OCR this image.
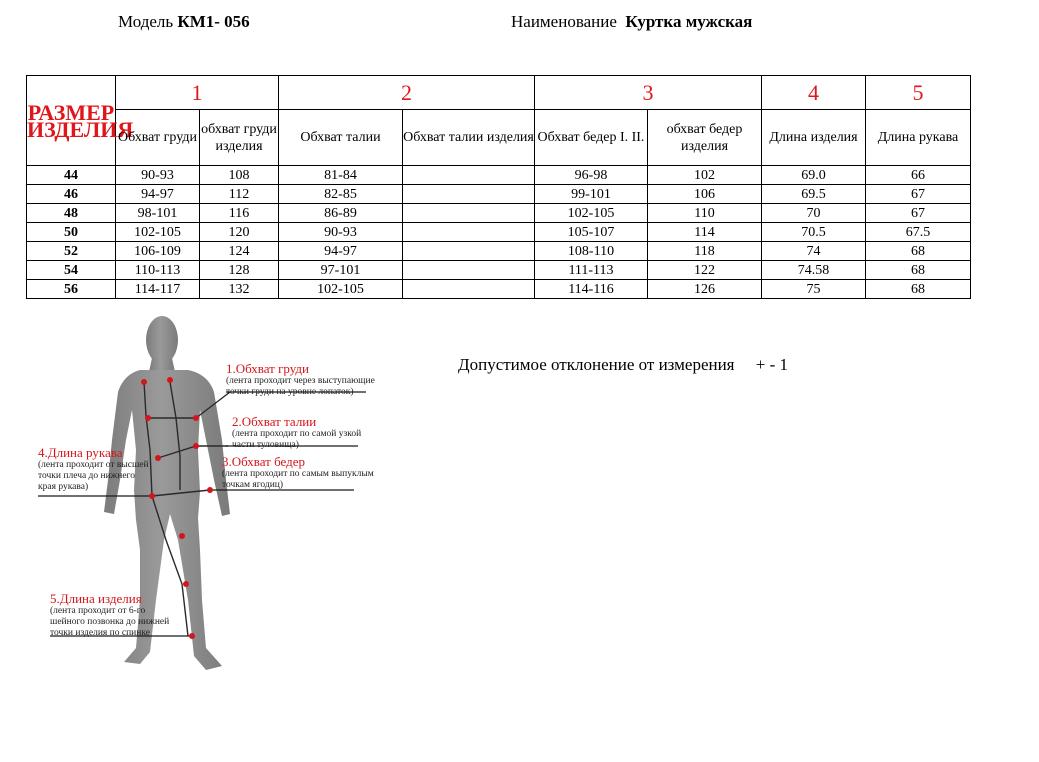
Модель КМ1- 056	Наименование Куртка мужская
РАЗМЕР ИЗДЕЛИЯ	1		2		3		4	5
	Обхват груди	обхват груди изделия	Обхват талии	Обхват талии изделия	Обхват бедер I. II.	обхват бедер изделия	Длина изделия	Длина рукава
44	90-93	108	81-84		96-98	102	69.0	66
46	94-97	112	82-85		99-101	106	69.5	67
48	98-101	116	86-89		102-105	110	70	67
50	102-105	120	90-93		105-107	114	70.5	67.5
52	106-109	124	94-97		108-110	118	74	68
54	110-113	128	97-101		111-113	122	74.58	68
56	114-117	132	102-105		114-116	126	75	68
Допустимое отклонение от измерения + - 1
1.Обхват груди
(лента проходит через выступающие
точки груди на уровне лопаток)
2.Обхват талии
(лента проходит по самой узкой
части туловища)
3.Обхват бедер
(лента проходит по самым выпуклым
точкам ягодиц)
4.Длина рукава
(лента проходит от высшей
точки плеча до нижнего
края рукава)
5.Длина изделия
(лента проходит от 6-го
шейного позвонка до нижней
точки изделия по спинке
